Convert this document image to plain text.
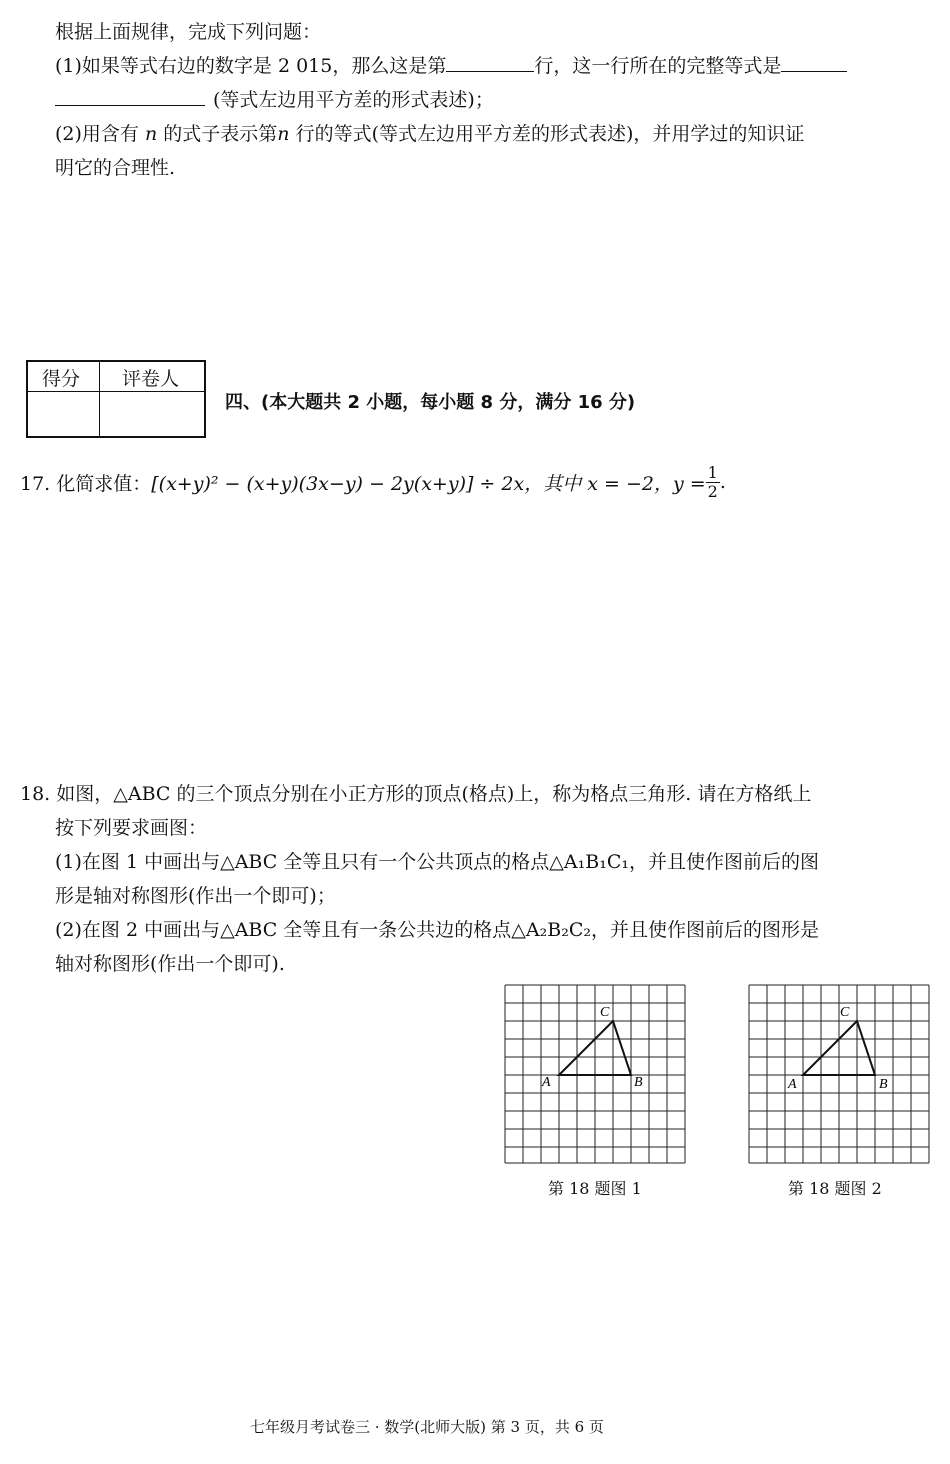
根据上面规律，完成下列问题：
(1)如果等式右边的数字是 2 015，那么这是第	行，这一行所在的完整等式是
(等式左边用平方差的形式表述)；
(2)用含有 n 的式子表示第n 行的等式(等式左边用平方差的形式表述)，并用学过的知识证
明它的合理性.
得分 评卷人
四、(本大题共 2 小题，每小题 8 分，满分 16 分)
17. 化简求值： [(x+y)² − (x+y)(3x−y) − 2y(x+y)] ÷ 2x，其中 x = −2，$y = \frac{1}{2}$ .
18. 如图，△ABC 的三个顶点分别在小正方形的顶点(格点)上，称为格点三角形. 请在方格纸上
按下列要求画图：
(1)在图 1 中画出与△ABC 全等且只有一个公共顶点的格点△A₁B₁C₁，并且使作图前后的图
形是轴对称图形(作出一个即可)；
(2)在图 2 中画出与△ABC 全等且有一条公共边的格点△A₂B₂C₂，并且使作图前后的图形是
轴对称图形(作出一个即可).
A	B
C
第 18 题图 1
A	B
C
第 18 题图 2
七年级月考试卷三 · 数学(北师大版) 第 3 页，共 6 页
